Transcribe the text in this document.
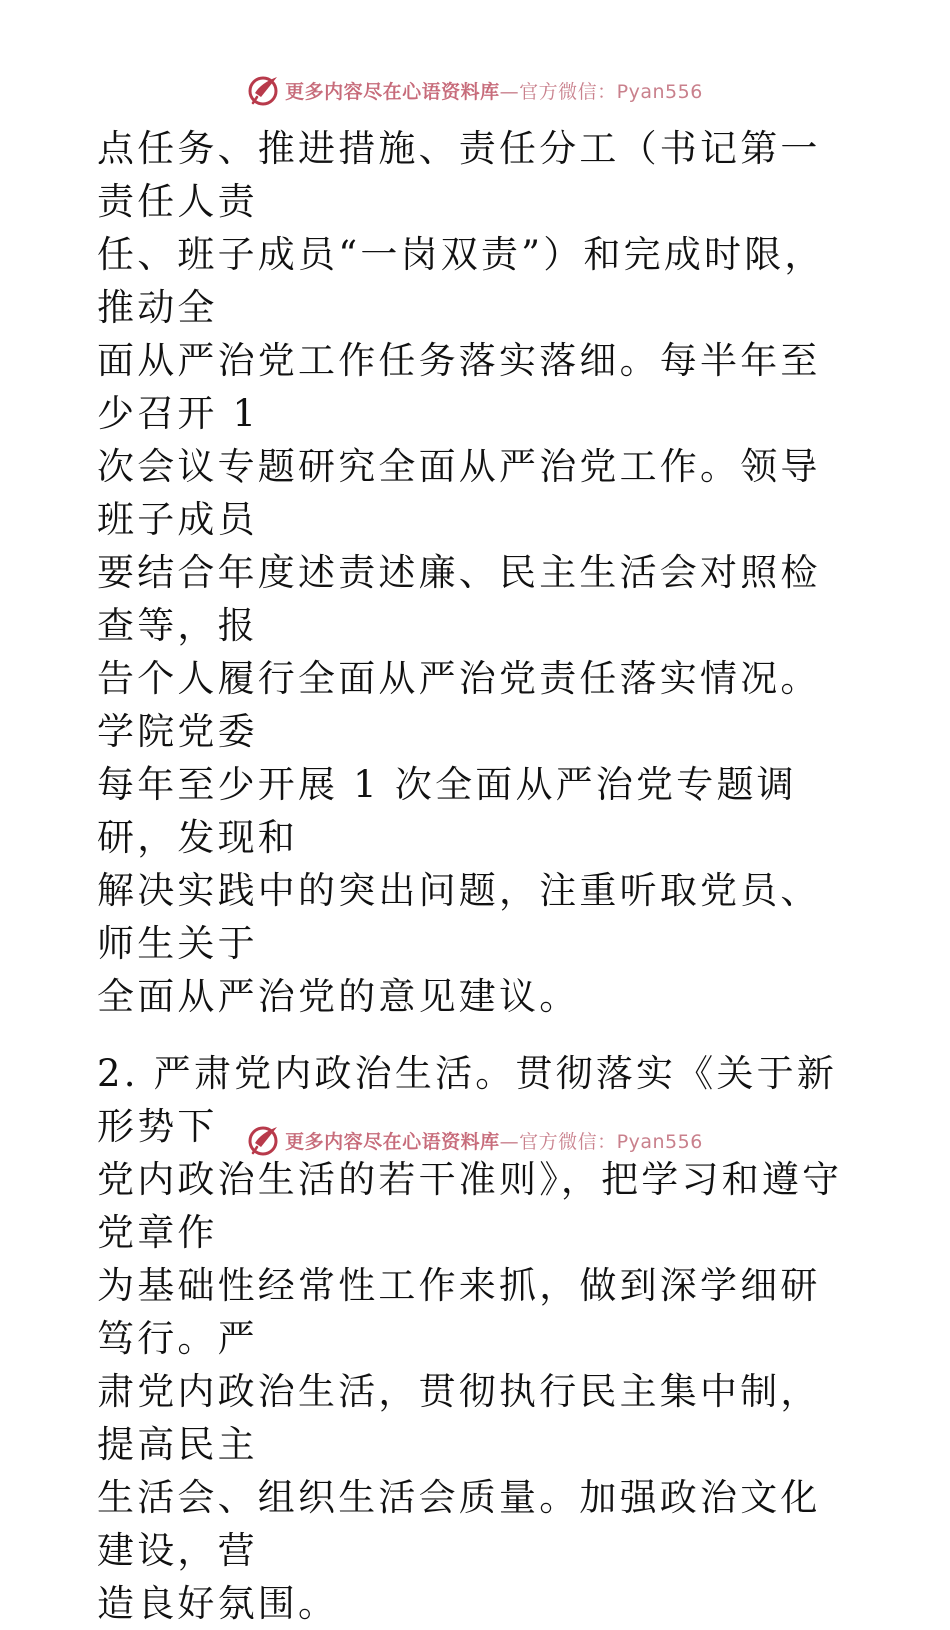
更多内容尽在心语资料库—官方微信：Pyan556

点任务、推进措施、责任分工（书记第一责任人责
任、班子成员“一岗双责”）和完成时限，推动全
面从严治党工作任务落实落细。每半年至少召开 1
次会议专题研究全面从严治党工作。领导班子成员
要结合年度述责述廉、民主生活会对照检查等，报
告个人履行全面从严治党责任落实情况。学院党委
每年至少开展 1 次全面从严治党专题调研，发现和
解决实践中的突出问题，注重听取党员、师生关于
全面从严治党的意见建议。

2. 严肃党内政治生活。贯彻落实《关于新形势下
党内政治生活的若干准则》，把学习和遵守党章作
为基础性经常性工作来抓，做到深学细研笃行。严
肃党内政治生活，贯彻执行民主集中制，提高民主
生活会、组织生活会质量。加强政治文化建设，营
造良好氛围。

更多内容尽在心语资料库—官方微信：Pyan556
